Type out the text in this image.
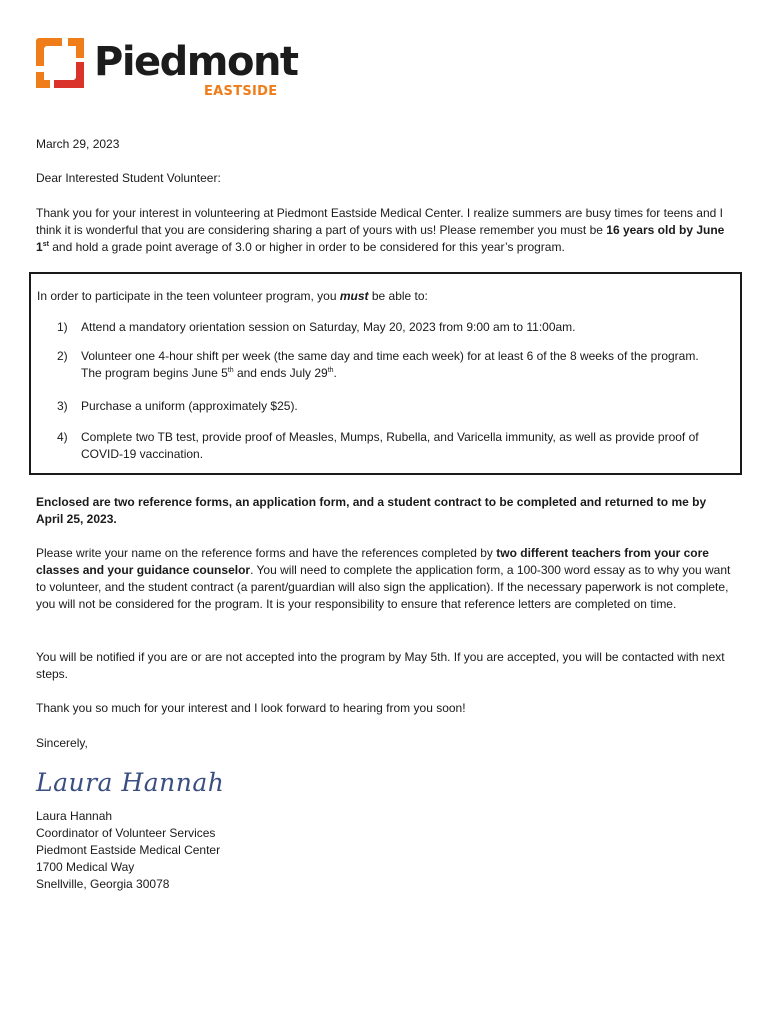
Piedmont
EASTSIDE
March 29, 2023
Dear Interested Student Volunteer:
Thank you for your interest in volunteering at Piedmont Eastside Medical Center. I realize summers are busy times for teens and I think it is wonderful that you are considering sharing a part of yours with us! Please remember you must be 16 years old by June 1st and hold a grade point average of 3.0 or higher in order to be considered for this year’s program.
In order to participate in the teen volunteer program, you must be able to:
1) Attend a mandatory orientation session on Saturday, May 20, 2023 from 9:00 am to 11:00am.
2) Volunteer one 4-hour shift per week (the same day and time each week) for at least 6 of the 8 weeks of the program. The program begins June 5th and ends July 29th.
3) Purchase a uniform (approximately $25).
4) Complete two TB test, provide proof of Measles, Mumps, Rubella, and Varicella immunity, as well as provide proof of COVID-19 vaccination.
Enclosed are two reference forms, an application form, and a student contract to be completed and returned to me by April 25, 2023.
Please write your name on the reference forms and have the references completed by two different teachers from your core classes and your guidance counselor. You will need to complete the application form, a 100-300 word essay as to why you want to volunteer, and the student contract (a parent/guardian will also sign the application). If the necessary paperwork is not complete, you will not be considered for the program. It is your responsibility to ensure that reference letters are completed on time.
You will be notified if you are or are not accepted into the program by May 5th. If you are accepted, you will be contacted with next steps.
Thank you so much for your interest and I look forward to hearing from you soon!
Sincerely,
Laura Hannah
Laura Hannah
Coordinator of Volunteer Services
Piedmont Eastside Medical Center
1700 Medical Way
Snellville, Georgia 30078
